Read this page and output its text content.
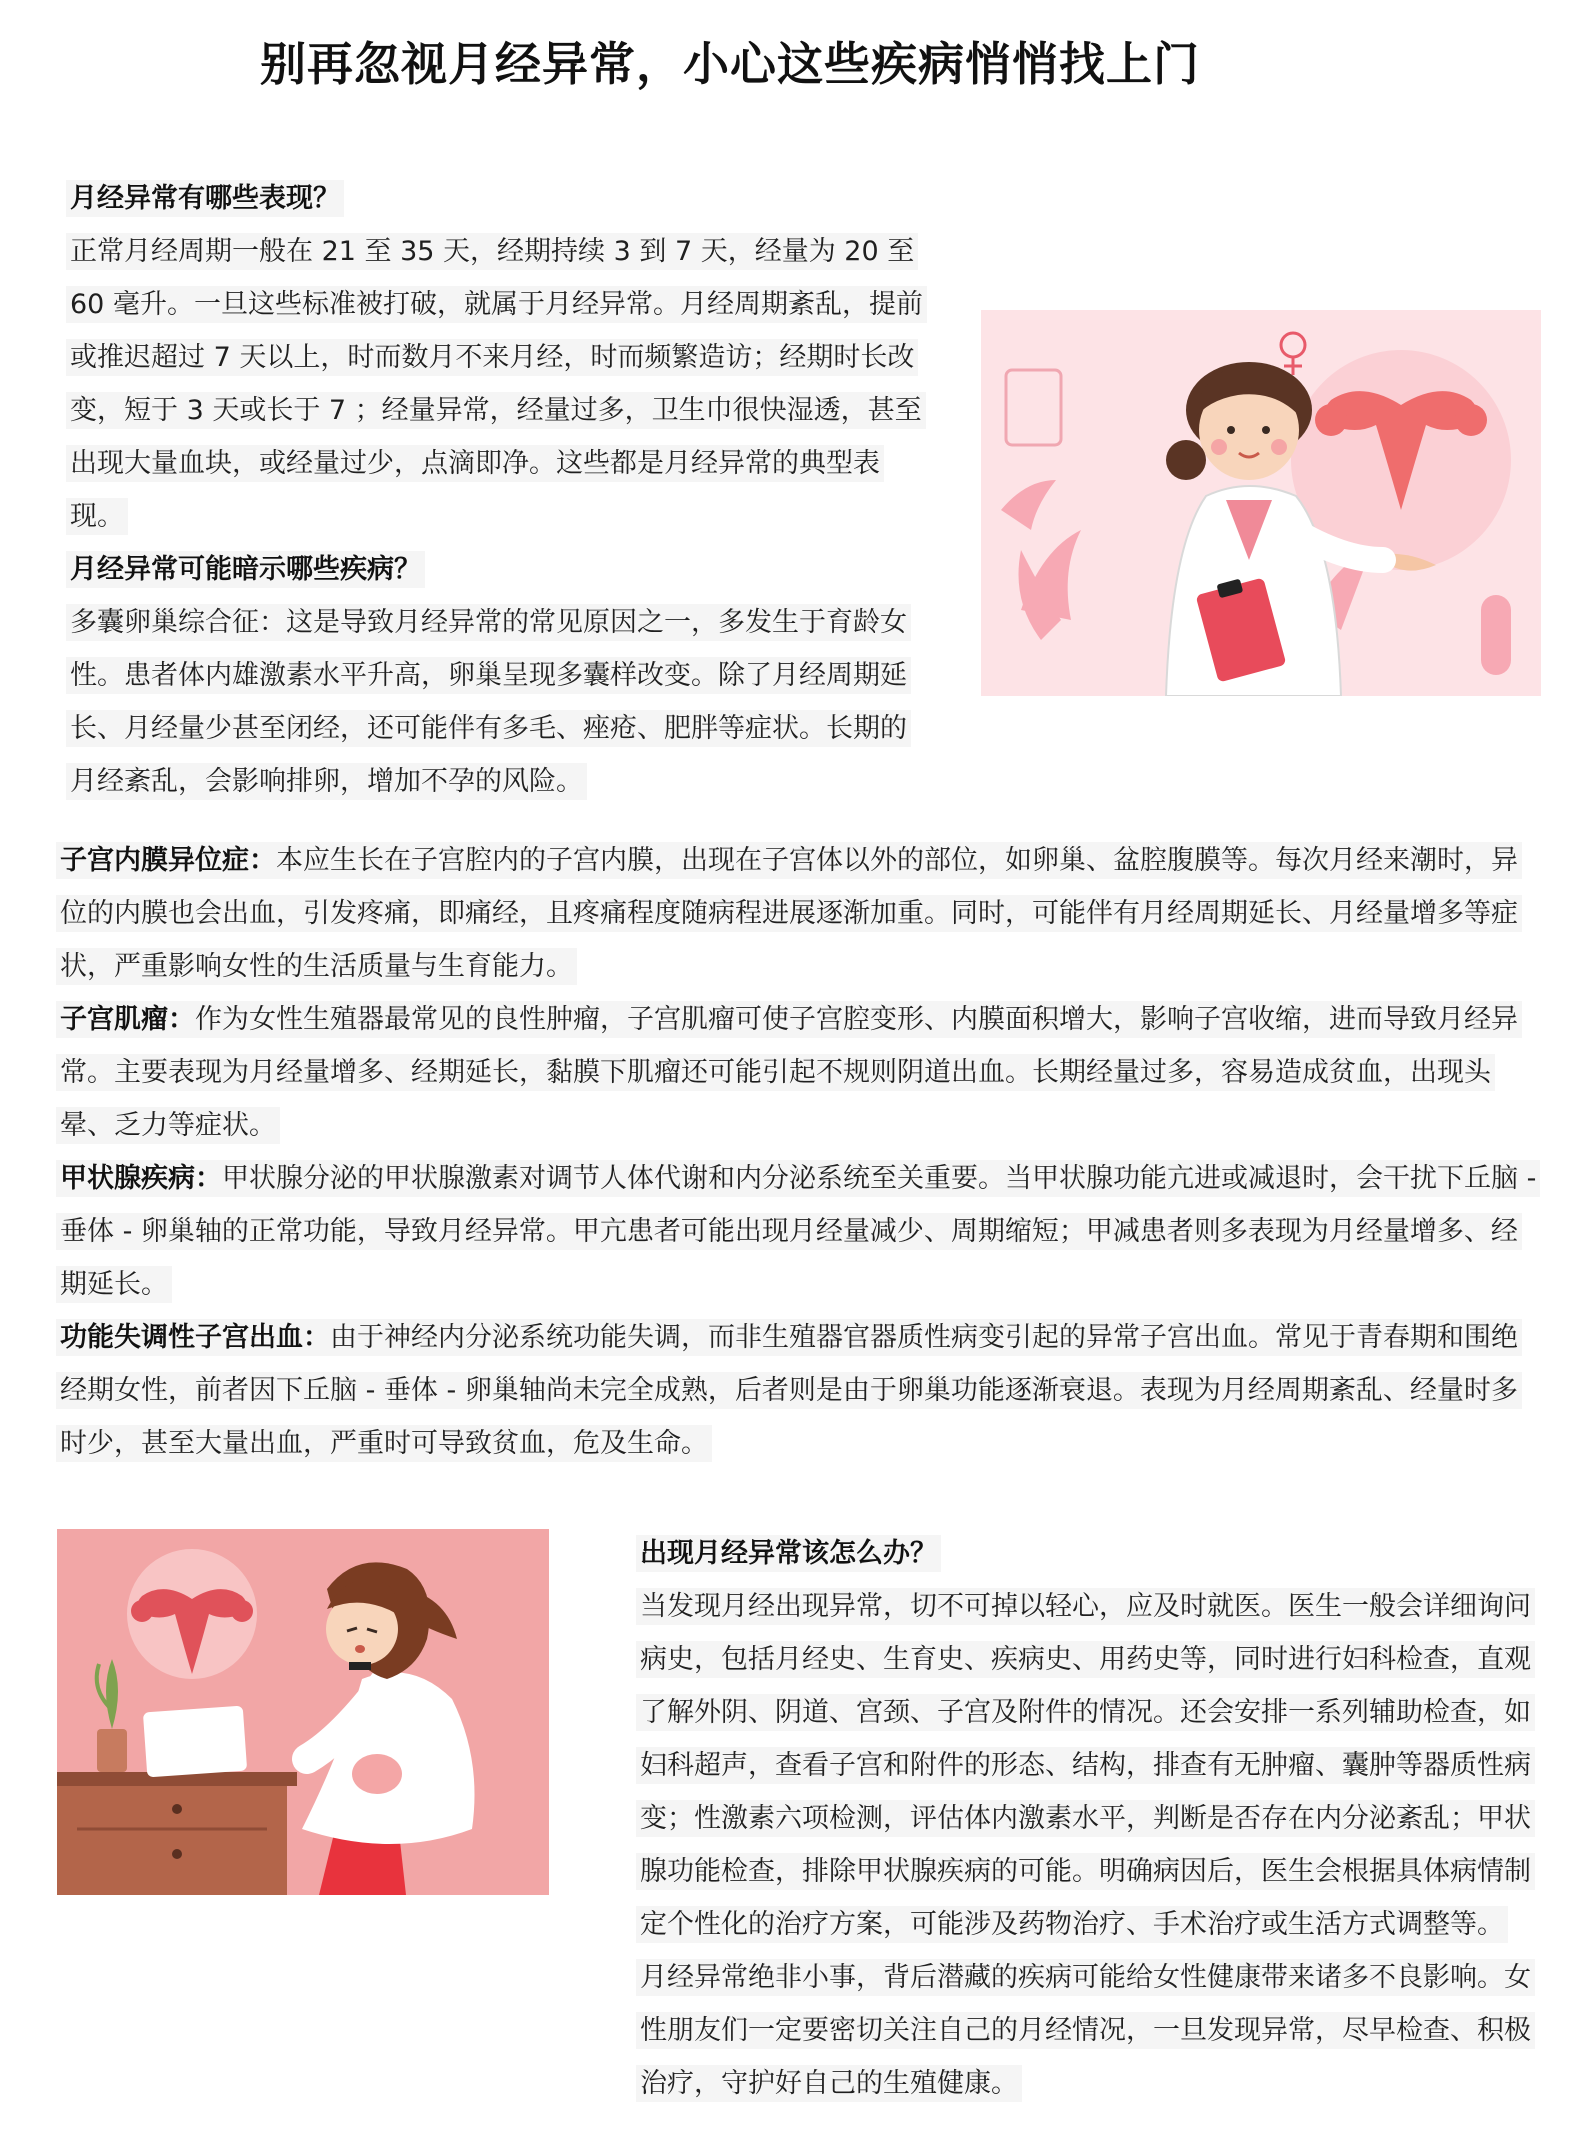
别再忽视月经异常，小心这些疾病悄悄找上门

月经异常有哪些表现？

正常月经周期一般在 21 至 35 天，经期持续 3 到 7 天，经量为 20 至 60 毫升。一旦这些标准被打破，就属于月经异常。月经周期紊乱，提前或推迟超过 7 天以上，时而数月不来月经，时而频繁造访；经期时长改变，短于 3 天或长于 7 ；经量异常，经量过多，卫生巾很快湿透，甚至出现大量血块，或经量过少，点滴即净。这些都是月经异常的典型表现。

月经异常可能暗示哪些疾病？

多囊卵巢综合征：这是导致月经异常的常见原因之一，多发生于育龄女性。患者体内雄激素水平升高，卵巢呈现多囊样改变。除了月经周期延长、月经量少甚至闭经，还可能伴有多毛、痤疮、肥胖等症状。长期的月经紊乱，会影响排卵，增加不孕的风险。

子宫内膜异位症：本应生长在子宫腔内的子宫内膜，出现在子宫体以外的部位，如卵巢、盆腔腹膜等。每次月经来潮时，异位的内膜也会出血，引发疼痛，即痛经，且疼痛程度随病程进展逐渐加重。同时，可能伴有月经周期延长、月经量增多等症状，严重影响女性的生活质量与生育能力。

子宫肌瘤：作为女性生殖器最常见的良性肿瘤，子宫肌瘤可使子宫腔变形、内膜面积增大，影响子宫收缩，进而导致月经异常。主要表现为月经量增多、经期延长，黏膜下肌瘤还可能引起不规则阴道出血。长期经量过多，容易造成贫血，出现头晕、乏力等症状。

甲状腺疾病：甲状腺分泌的甲状腺激素对调节人体代谢和内分泌系统至关重要。当甲状腺功能亢进或减退时，会干扰下丘脑 - 垂体 - 卵巢轴的正常功能，导致月经异常。甲亢患者可能出现月经量减少、周期缩短；甲减患者则多表现为月经量增多、经期延长。

功能失调性子宫出血：由于神经内分泌系统功能失调，而非生殖器官器质性病变引起的异常子宫出血。常见于青春期和围绝经期女性，前者因下丘脑 - 垂体 - 卵巢轴尚未完全成熟，后者则是由于卵巢功能逐渐衰退。表现为月经周期紊乱、经量时多时少，甚至大量出血，严重时可导致贫血，危及生命。

出现月经异常该怎么办？

当发现月经出现异常，切不可掉以轻心，应及时就医。医生一般会详细询问病史，包括月经史、生育史、疾病史、用药史等，同时进行妇科检查，直观了解外阴、阴道、宫颈、子宫及附件的情况。还会安排一系列辅助检查，如妇科超声，查看子宫和附件的形态、结构，排查有无肿瘤、囊肿等器质性病变；性激素六项检测，评估体内激素水平，判断是否存在内分泌紊乱；甲状腺功能检查，排除甲状腺疾病的可能。明确病因后，医生会根据具体病情制定个性化的治疗方案，可能涉及药物治疗、手术治疗或生活方式调整等。

月经异常绝非小事，背后潜藏的疾病可能给女性健康带来诸多不良影响。女性朋友们一定要密切关注自己的月经情况，一旦发现异常，尽早检查、积极治疗，守护好自己的生殖健康。
